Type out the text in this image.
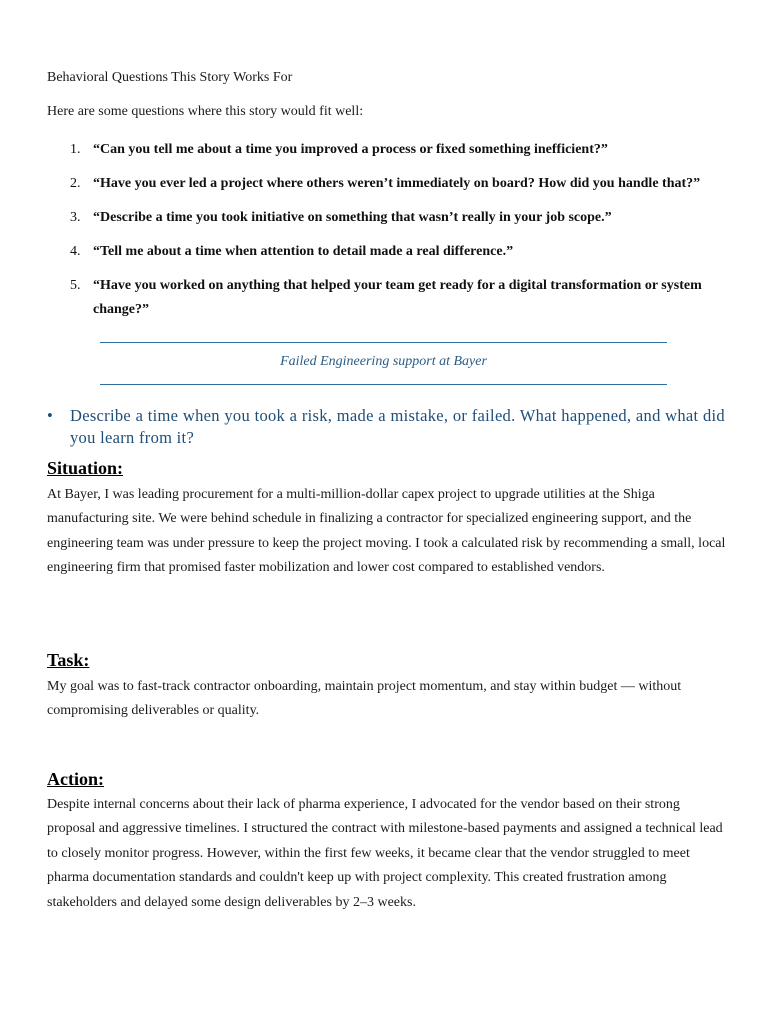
Behavioral Questions This Story Works For
Here are some questions where this story would fit well:
1. “Can you tell me about a time you improved a process or fixed something inefficient?”
2. “Have you ever led a project where others weren’t immediately on board? How did you handle that?”
3. “Describe a time you took initiative on something that wasn’t really in your job scope.”
4. “Tell me about a time when attention to detail made a real difference.”
5. “Have you worked on anything that helped your team get ready for a digital transformation or system change?”
Failed Engineering support at Bayer
• Describe a time when you took a risk, made a mistake, or failed. What happened, and what did you learn from it?
Situation:
At Bayer, I was leading procurement for a multi-million-dollar capex project to upgrade utilities at the Shiga manufacturing site. We were behind schedule in finalizing a contractor for specialized engineering support, and the engineering team was under pressure to keep the project moving. I took a calculated risk by recommending a small, local engineering firm that promised faster mobilization and lower cost compared to established vendors.
Task:
My goal was to fast-track contractor onboarding, maintain project momentum, and stay within budget — without compromising deliverables or quality.
Action:
Despite internal concerns about their lack of pharma experience, I advocated for the vendor based on their strong proposal and aggressive timelines. I structured the contract with milestone-based payments and assigned a technical lead to closely monitor progress. However, within the first few weeks, it became clear that the vendor struggled to meet pharma documentation standards and couldn't keep up with project complexity. This created frustration among stakeholders and delayed some design deliverables by 2–3 weeks.
